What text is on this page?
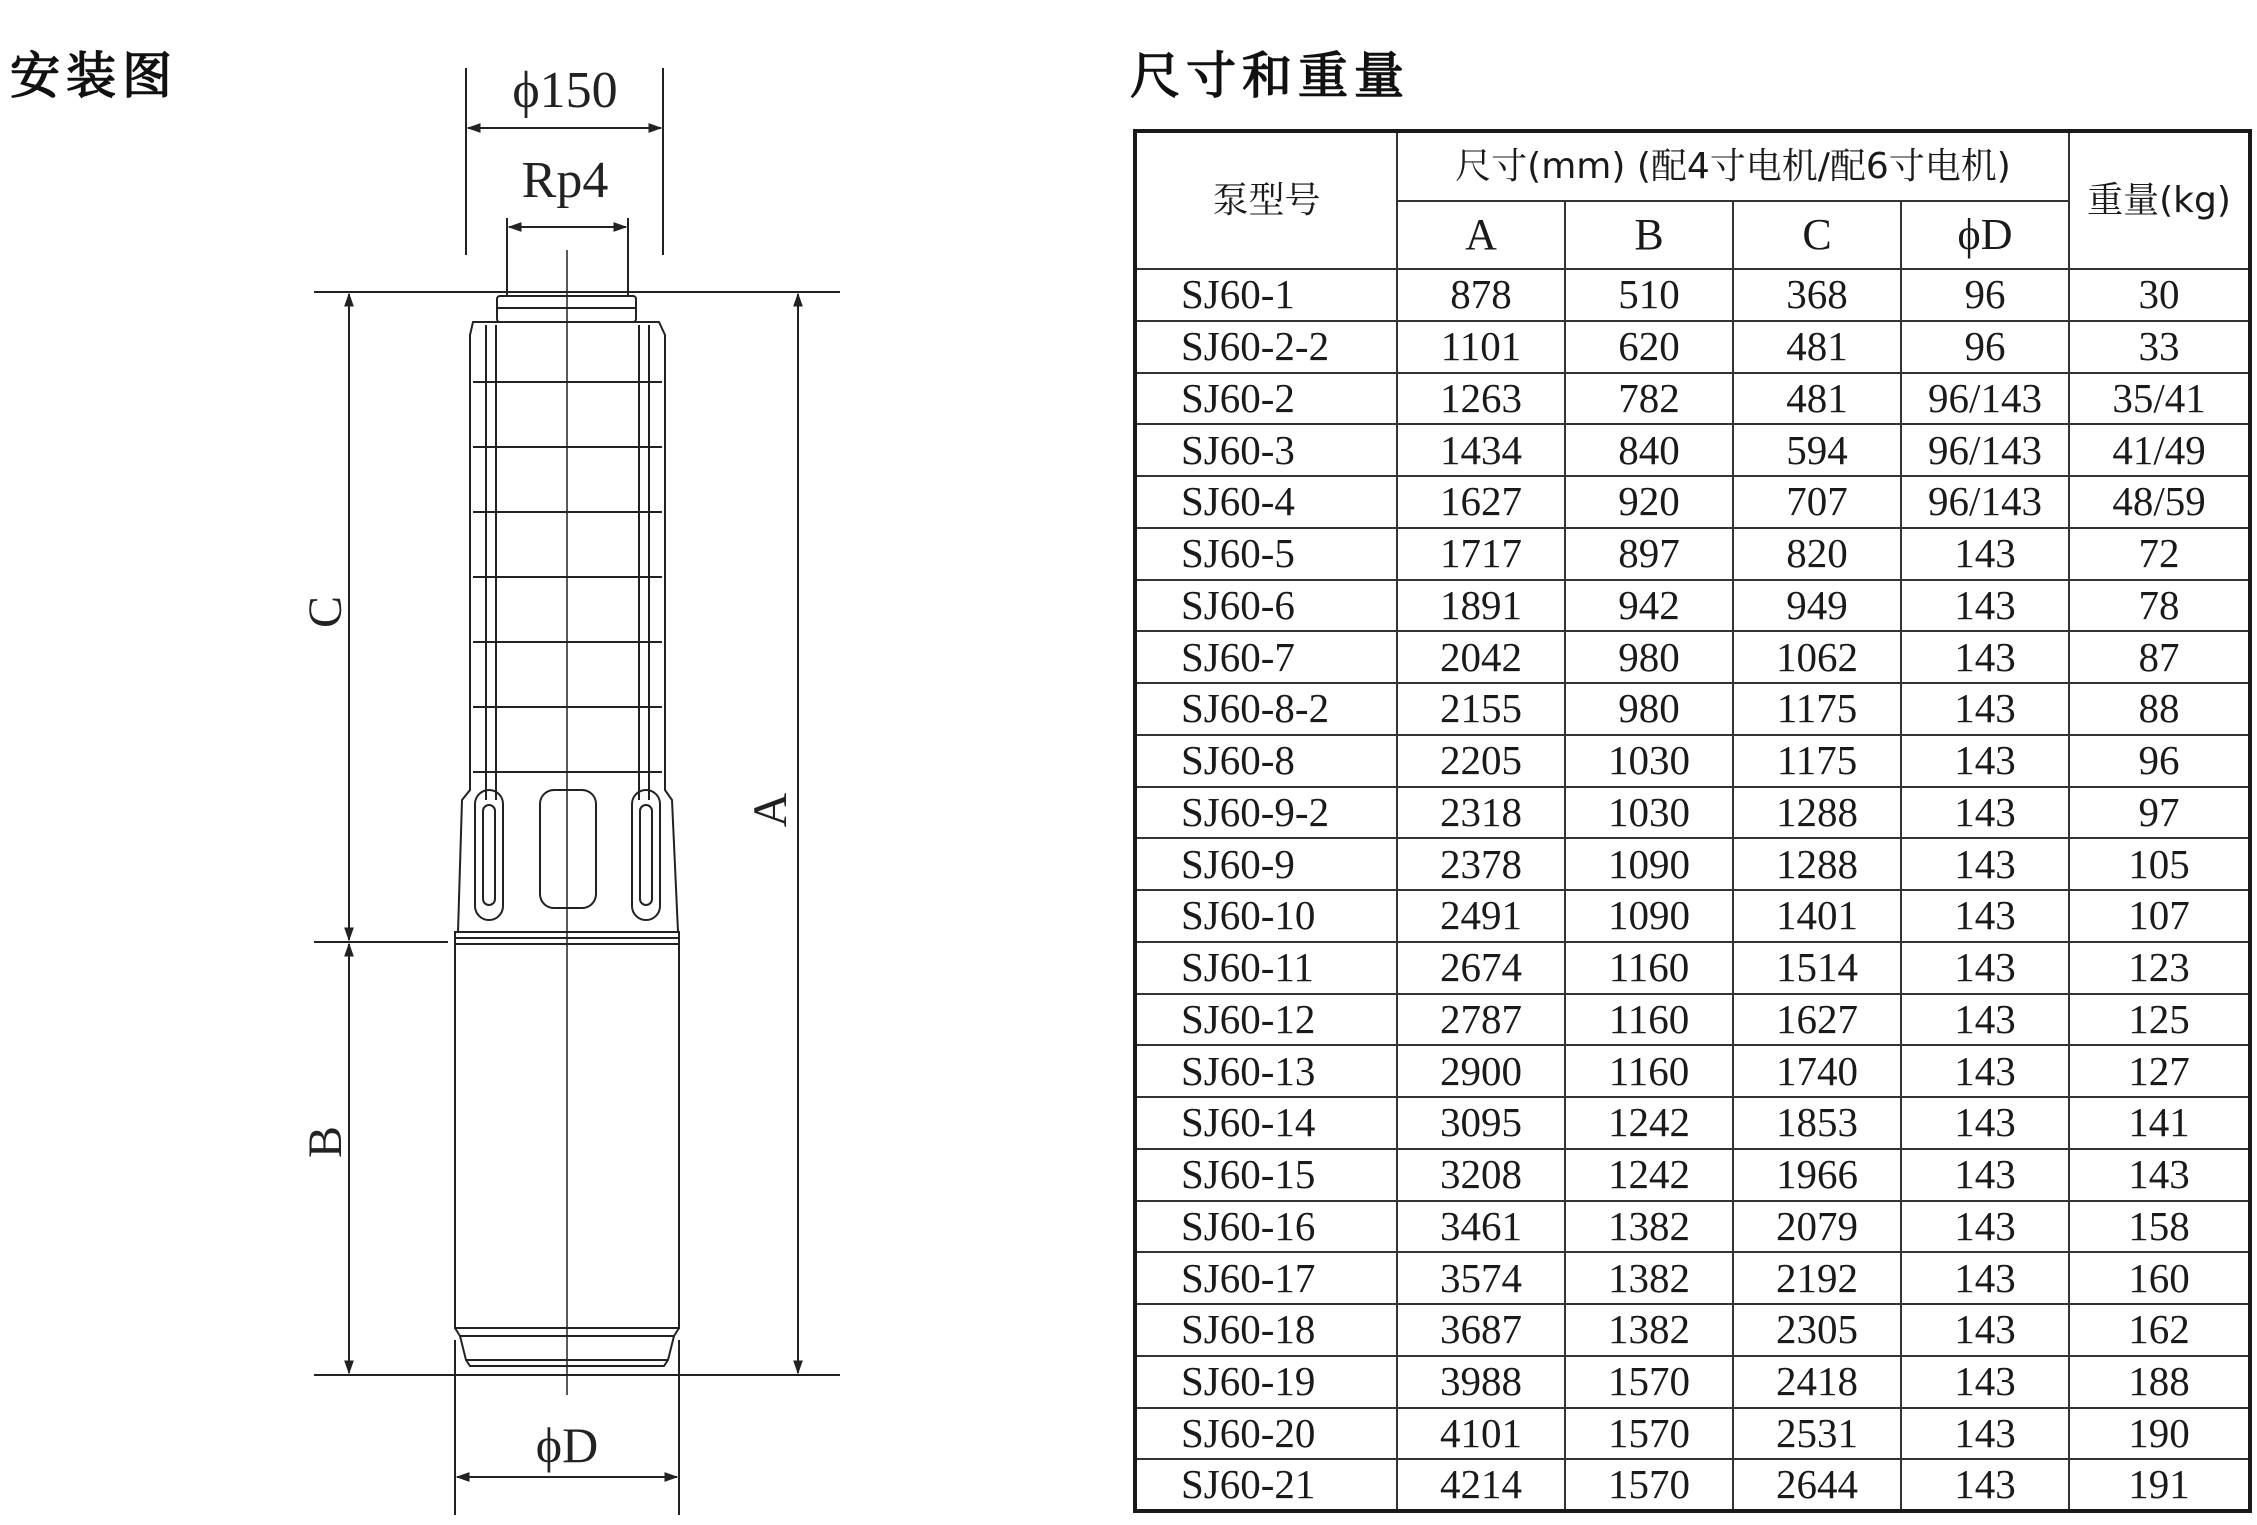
安装图	尺寸和重量
ϕ150
Rp4
C
B
A
ϕD
泵型号	尺寸(mm) (配4寸电机/配6寸电机)				重量(kg)
	A	B	C	ϕD	
SJ60-1	878	510	368	96	30
SJ60-2-2	1101	620	481	96	33
SJ60-2	1263	782	481	96/143	35/41
SJ60-3	1434	840	594	96/143	41/49
SJ60-4	1627	920	707	96/143	48/59
SJ60-5	1717	897	820	143	72
SJ60-6	1891	942	949	143	78
SJ60-7	2042	980	1062	143	87
SJ60-8-2	2155	980	1175	143	88
SJ60-8	2205	1030	1175	143	96
SJ60-9-2	2318	1030	1288	143	97
SJ60-9	2378	1090	1288	143	105
SJ60-10	2491	1090	1401	143	107
SJ60-11	2674	1160	1514	143	123
SJ60-12	2787	1160	1627	143	125
SJ60-13	2900	1160	1740	143	127
SJ60-14	3095	1242	1853	143	141
SJ60-15	3208	1242	1966	143	143
SJ60-16	3461	1382	2079	143	158
SJ60-17	3574	1382	2192	143	160
SJ60-18	3687	1382	2305	143	162
SJ60-19	3988	1570	2418	143	188
SJ60-20	4101	1570	2531	143	190
SJ60-21	4214	1570	2644	143	191
